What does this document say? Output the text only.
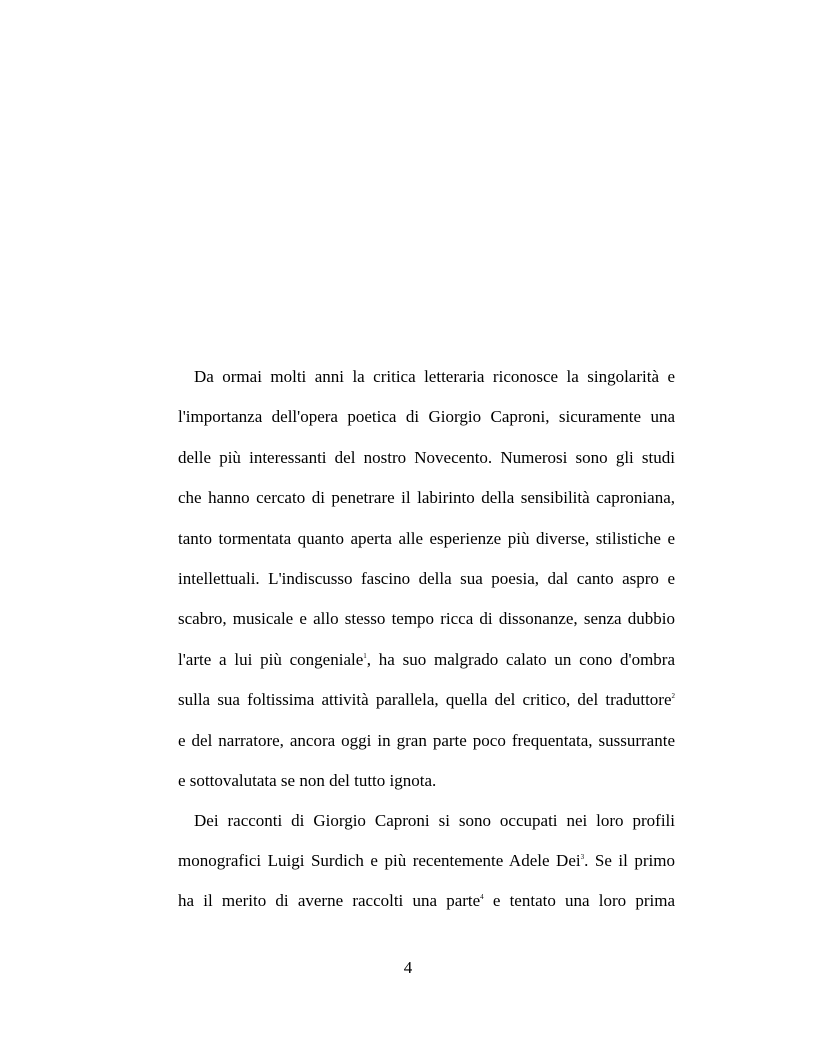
Da ormai molti anni la critica letteraria riconosce la singolarità e
l'importanza dell'opera poetica di Giorgio Caproni, sicuramente una
delle più interessanti del nostro Novecento. Numerosi sono gli studi
che hanno cercato di penetrare il labirinto della sensibilità caproniana,
tanto tormentata quanto aperta alle esperienze più diverse, stilistiche e
intellettuali. L'indiscusso fascino della sua poesia, dal canto aspro e
scabro, musicale e allo stesso tempo ricca di dissonanze, senza dubbio
l'arte a lui più congeniale$^1$, ha suo malgrado calato un cono d'ombra
sulla sua foltissima attività parallela, quella del critico, del traduttore$^2$
e del narratore, ancora oggi in gran parte poco frequentata, sussurrante
e sottovalutata se non del tutto ignota.
Dei racconti di Giorgio Caproni si sono occupati nei loro profili
monografici Luigi Surdich e più recentemente Adele Dei$^3$. Se il primo
ha il merito di averne raccolti una parte$^4$ e tentato una loro prima
4
